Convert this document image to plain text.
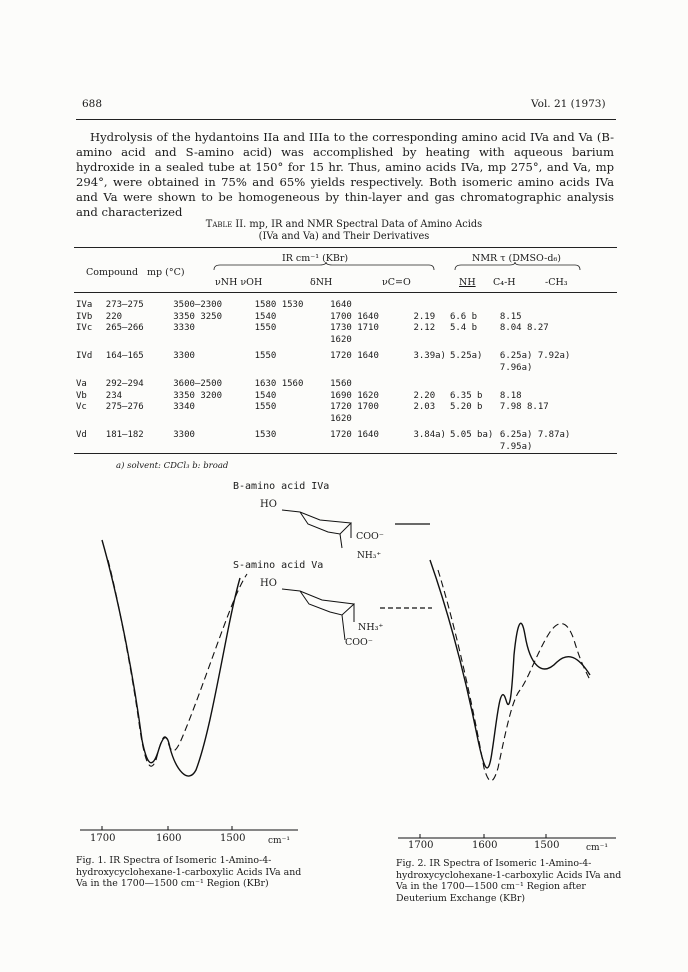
688	Vol. 21 (1973)

Hydrolysis of the hydantoins IIa and IIIa to the corresponding amino acid IVa and Va (B-amino acid and S-amino acid) was accomplished by heating with aqueous barium hydroxide in a sealed tube at 150° for 15 hr. Thus, amino acids IVa, mp 275°, and Va, mp 294°, were obtained in 75% and 65% yields respectively. Both isomeric amino acids IVa and Va were shown to be homogeneous by thin-layer and gas chromatographic analysis and characterized

Table II. mp, IR and NMR Spectral Data of Amino Acids
(IVa and Va) and Their Derivatives
IR cm⁻¹ (KBr)	NMR τ (DMSO-d₆)
Compound mp (°C)
νNH νOH	δNH	νC=O	NH C₄-H	-CH₃
IVa	273—275	3500—2300	1580 1530	1640			
IVb	220	3350 3250	1540	1700 1640	2.19	6.6 b	8.15
IVc	265—266	3330	1550	1730 1710	2.12	5.4 b	8.04 8.27
				1620			
IVd	164—165	3300	1550	1720 1640	3.39a)	5.25a)	6.25a) 7.92a)
							7.96a)
Va	292—294	3600—2500	1630 1560	1560			
Vb	234	3350 3200	1540	1690 1620	2.20	6.35 b	8.18
Vc	275—276	3340	1550	1720 1700	2.03	5.20 b	7.98 8.17
				1620			
Vd	181—182	3300	1530	1720 1640	3.84a)	5.05 ba)	6.25a) 7.87a)
							7.95a)
a) solvent: CDCl₃ b: broad
B-amino acid IVa
HO
COO⁻
NH₃⁺
S-amino acid Va
HO
NH₃⁺
COO⁻
1700	1600	1500	cm⁻¹	1700	1600	1500	cm⁻¹
Fig. 1. IR Spectra of Isomeric 1-Amino-4-hydroxycyclohexane-1-carboxylic Acids IVa and Va in the 1700—1500 cm⁻¹ Region (KBr)
Fig. 2. IR Spectra of Isomeric 1-Amino-4-hydroxycyclohexane-1-carboxylic Acids IVa and Va in the 1700—1500 cm⁻¹ Region after Deuterium Exchange (KBr)
